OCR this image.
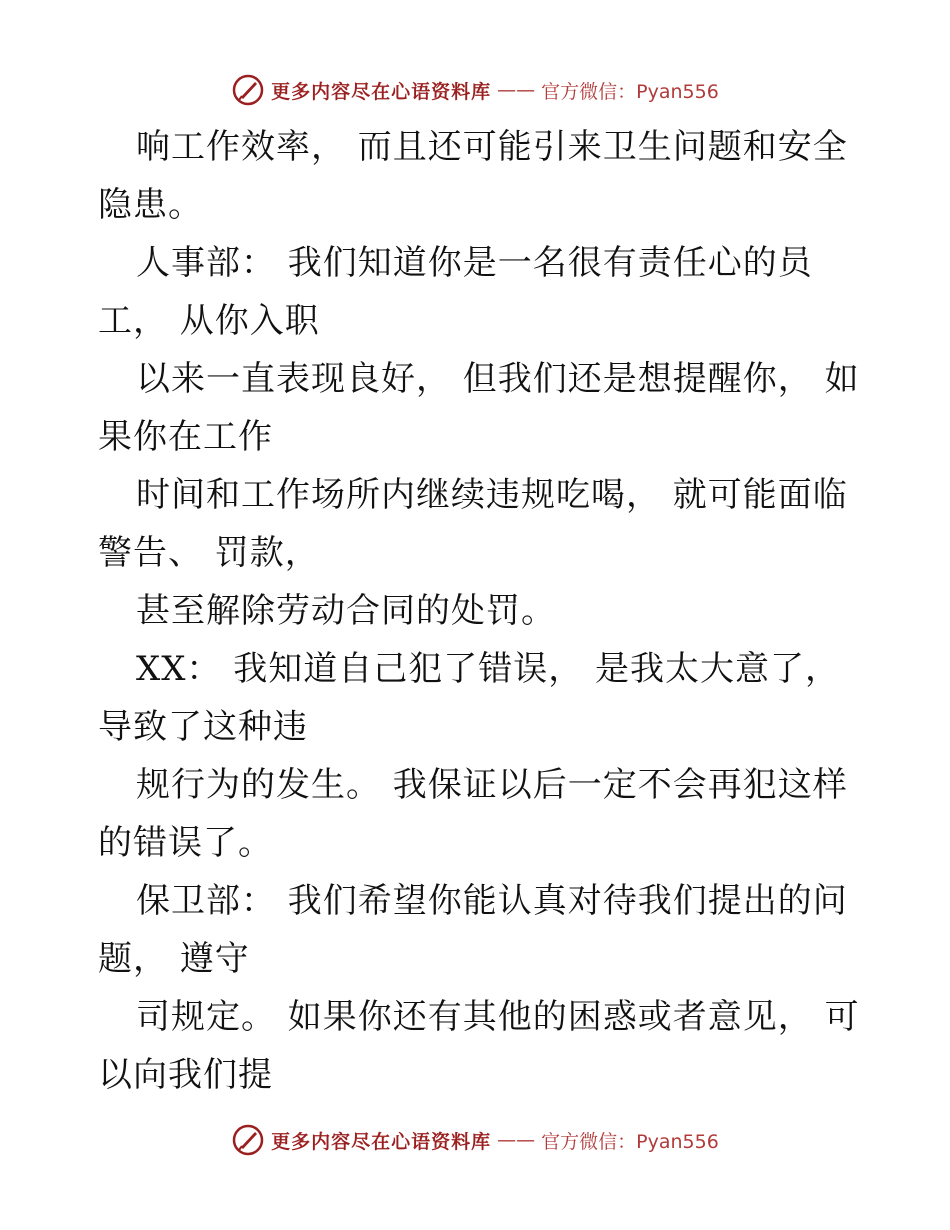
更多内容尽在心语资料库 —— 官方微信：Pyan556
响工作效率， 而且还可能引来卫生问题和安全
隐患。
人事部： 我们知道你是一名很有责任心的员
工， 从你入职
以来一直表现良好， 但我们还是想提醒你， 如
果你在工作
时间和工作场所内继续违规吃喝， 就可能面临
警告、 罚款，
甚至解除劳动合同的处罚。
XX： 我知道自己犯了错误， 是我太大意了，
导致了这种违
规行为的发生。 我保证以后一定不会再犯这样
的错误了。
保卫部： 我们希望你能认真对待我们提出的问
题， 遵守
司规定。 如果你还有其他的困惑或者意见， 可
以向我们提
更多内容尽在心语资料库 —— 官方微信：Pyan556
